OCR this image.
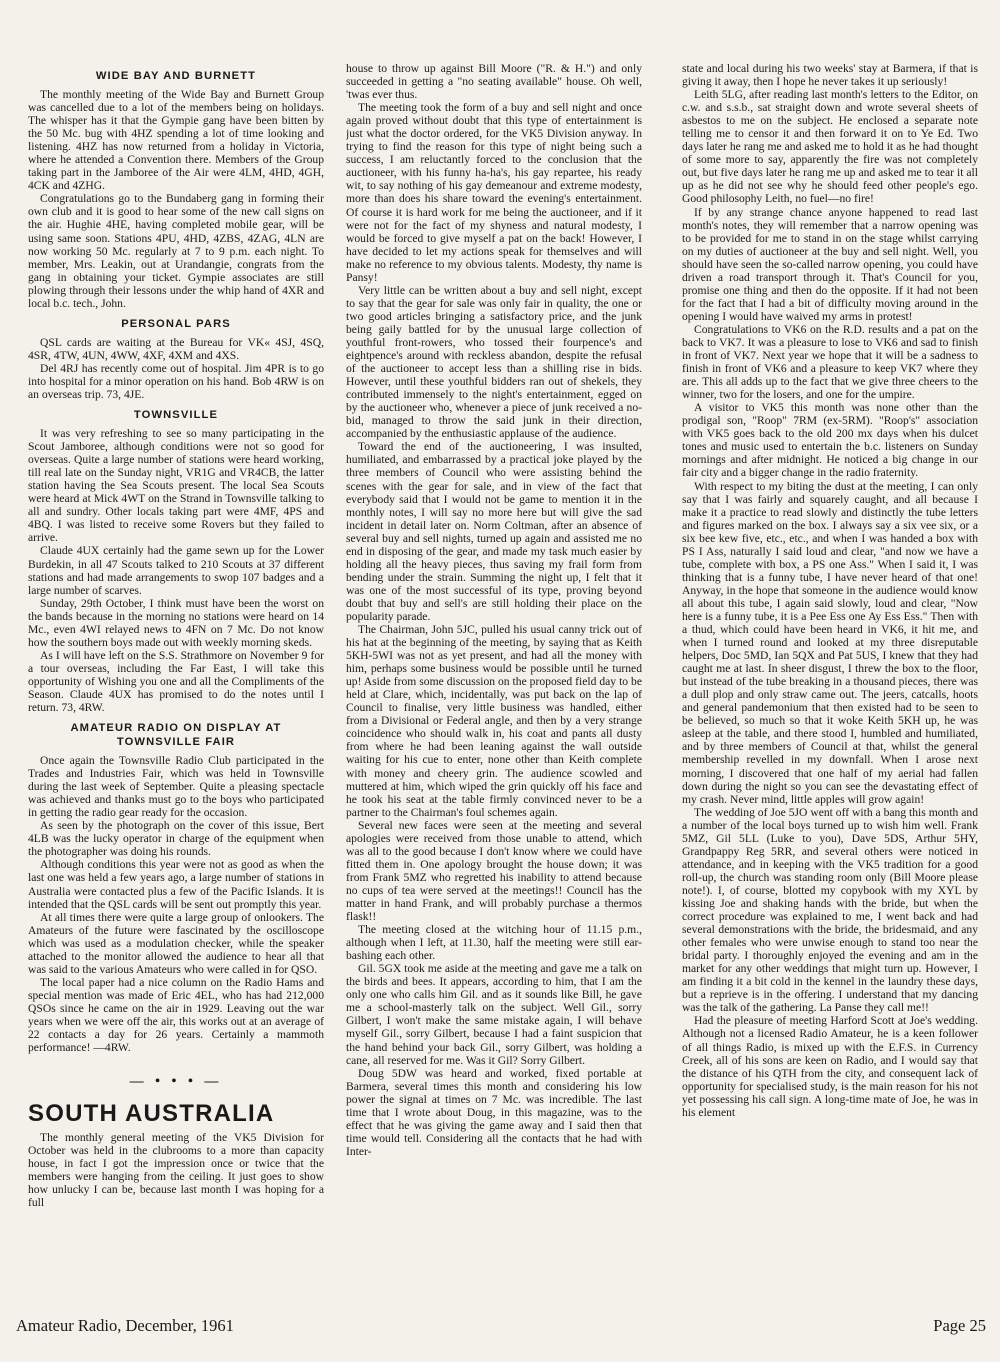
WIDE BAY AND BURNETT

The monthly meeting of the Wide Bay and Burnett Group was cancelled due to a lot of the members being on holidays. The whisper has it that the Gympie gang have been bitten by the 50 Mc. bug with 4HZ spending a lot of time looking and listening. 4HZ has now returned from a holiday in Victoria, where he attended a Convention there. Members of the Group taking part in the Jamboree of the Air were 4LM, 4HD, 4GH, 4CK and 4ZHG.

Congratulations go to the Bundaberg gang in forming their own club and it is good to hear some of the new call signs on the air. Hughie 4HE, having completed mobile gear, will be using same soon. Stations 4PU, 4HD, 4ZBS, 4ZAG, 4LN are now working 50 Mc. regularly at 7 to 9 p.m. each night. To member, Mrs. Leakin, out at Urandangie, congrats from the gang in obtaining your ticket. Gympie associates are still plowing through their lessons under the whip hand of 4XR and local b.c. tech., John.

PERSONAL PARS

QSL cards are waiting at the Bureau for VK« 4SJ, 4SQ, 4SR, 4TW, 4UN, 4WW, 4XF, 4XM and 4XS.

Del 4RJ has recently come out of hospital. Jim 4PR is to go into hospital for a minor operation on his hand. Bob 4RW is on an overseas trip. 73, 4JE.

TOWNSVILLE

It was very refreshing to see so many participating in the Scout Jamboree, although conditions were not so good for overseas. Quite a large number of stations were heard working, till real late on the Sunday night, VR1G and VR4CB, the latter station having the Sea Scouts present. The local Sea Scouts were heard at Mick 4WT on the Strand in Townsville talking to all and sundry. Other locals taking part were 4MF, 4PS and 4BQ. I was listed to receive some Rovers but they failed to arrive.

Claude 4UX certainly had the game sewn up for the Lower Burdekin, in all 47 Scouts talked to 210 Scouts at 37 different stations and had made arrangements to swop 107 badges and a large number of scarves.

Sunday, 29th October, I think must have been the worst on the bands because in the morning no stations were heard on 14 Mc., even 4WI relayed news to 4FN on 7 Mc. Do not know how the southern boys made out with weekly morning skeds.

As I will have left on the S.S. Strathmore on November 9 for a tour overseas, including the Far East, I will take this opportunity of Wishing you one and all the Compliments of the Season. Claude 4UX has promised to do the notes until I return. 73, 4RW.

AMATEUR RADIO ON DISPLAY AT TOWNSVILLE FAIR

Once again the Townsville Radio Club participated in the Trades and Industries Fair, which was held in Townsville during the last week of September. Quite a pleasing spectacle was achieved and thanks must go to the boys who participated in getting the radio gear ready for the occasion.

As seen by the photograph on the cover of this issue, Bert 4LB was the lucky operator in charge of the equipment when the photographer was doing his rounds.

Although conditions this year were not as good as when the last one was held a few years ago, a large number of stations in Australia were contacted plus a few of the Pacific Islands. It is intended that the QSL cards will be sent out promptly this year.

At all times there were quite a large group of onlookers. The Amateurs of the future were fascinated by the oscilloscope which was used as a modulation checker, while the speaker attached to the monitor allowed the audience to hear all that was said to the various Amateurs who were called in for QSO.

The local paper had a nice column on the Radio Hams and special mention was made of Eric 4EL, who has had 212,000 QSOs since he came on the air in 1929. Leaving out the war years when we were off the air, this works out at an average of 22 contacts a day for 26 years. Certainly a mammoth performance! —4RW.

— • • • —
SOUTH AUSTRALIA

The monthly general meeting of the VK5 Division for October was held in the clubrooms to a more than capacity house, in fact I got the impression once or twice that the members were hanging from the ceiling. It just goes to show how unlucky I can be, because last month I was hoping for a full

house to throw up against Bill Moore ("R. & H.") and only succeeded in getting a "no seating available" house. Oh well, 'twas ever thus.

The meeting took the form of a buy and sell night and once again proved without doubt that this type of entertainment is just what the doctor ordered, for the VK5 Division anyway. In trying to find the reason for this type of night being such a success, I am reluctantly forced to the conclusion that the auctioneer, with his funny ha-ha's, his gay repartee, his ready wit, to say nothing of his gay demeanour and extreme modesty, more than does his share toward the evening's entertainment. Of course it is hard work for me being the auctioneer, and if it were not for the fact of my shyness and natural modesty, I would be forced to give myself a pat on the back! However, I have decided to let my actions speak for themselves and will make no reference to my obvious talents. Modesty, thy name is Pansy!

Very little can be written about a buy and sell night, except to say that the gear for sale was only fair in quality, the one or two good articles bringing a satisfactory price, and the junk being gaily battled for by the unusual large collection of youthful front-rowers, who tossed their fourpence's and eightpence's around with reckless abandon, despite the refusal of the auctioneer to accept less than a shilling rise in bids. However, until these youthful bidders ran out of shekels, they contributed immensely to the night's entertainment, egged on by the auctioneer who, whenever a piece of junk received a no-bid, managed to throw the said junk in their direction, accompanied by the enthusiastic applause of the audience.

Toward the end of the auctioneering, I was insulted, humiliated, and embarrassed by a practical joke played by the three members of Council who were assisting behind the scenes with the gear for sale, and in view of the fact that everybody said that I would not be game to mention it in the monthly notes, I will say no more here but will give the sad incident in detail later on. Norm Coltman, after an absence of several buy and sell nights, turned up again and assisted me no end in disposing of the gear, and made my task much easier by holding all the heavy pieces, thus saving my frail form from bending under the strain. Summing the night up, I felt that it was one of the most successful of its type, proving beyond doubt that buy and sell's are still holding their place on the popularity parade.

The Chairman, John 5JC, pulled his usual canny trick out of his hat at the beginning of the meeting, by saying that as Keith 5KH-5WI was not as yet present, and had all the money with him, perhaps some business would be possible until he turned up! Aside from some discussion on the proposed field day to be held at Clare, which, incidentally, was put back on the lap of Council to finalise, very little business was handled, either from a Divisional or Federal angle, and then by a very strange coincidence who should walk in, his coat and pants all dusty from where he had been leaning against the wall outside waiting for his cue to enter, none other than Keith complete with money and cheery grin. The audience scowled and muttered at him, which wiped the grin quickly off his face and he took his seat at the table firmly convinced never to be a partner to the Chairman's foul schemes again.

Several new faces were seen at the meeting and several apologies were received from those unable to attend, which was all to the good because I don't know where we could have fitted them in. One apology brought the house down; it was from Frank 5MZ who regretted his inability to attend because no cups of tea were served at the meetings!! Council has the matter in hand Frank, and will probably purchase a thermos flask!!

The meeting closed at the witching hour of 11.15 p.m., although when I left, at 11.30, half the meeting were still ear-bashing each other.

Gil. 5GX took me aside at the meeting and gave me a talk on the birds and bees. It appears, according to him, that I am the only one who calls him Gil. and as it sounds like Bill, he gave me a school-masterly talk on the subject. Well Gil., sorry Gilbert, I won't make the same mistake again, I will behave myself Gil., sorry Gilbert, because I had a faint suspicion that the hand behind your back Gil., sorry Gilbert, was holding a cane, all reserved for me. Was it Gil? Sorry Gilbert.

Doug 5DW was heard and worked, fixed portable at Barmera, several times this month and considering his low power the signal at times on 7 Mc. was incredible. The last time that I wrote about Doug, in this magazine, was to the effect that he was giving the game away and I said then that time would tell. Considering all the contacts that he had with Inter-

state and local during his two weeks' stay at Barmera, if that is giving it away, then I hope he never takes it up seriously!

Leith 5LG, after reading last month's letters to the Editor, on c.w. and s.s.b., sat straight down and wrote several sheets of asbestos to me on the subject. He enclosed a separate note telling me to censor it and then forward it on to Ye Ed. Two days later he rang me and asked me to hold it as he had thought of some more to say, apparently the fire was not completely out, but five days later he rang me up and asked me to tear it all up as he did not see why he should feed other people's ego. Good philosophy Leith, no fuel—no fire!

If by any strange chance anyone happened to read last month's notes, they will remember that a narrow opening was to be provided for me to stand in on the stage whilst carrying on my duties of auctioneer at the buy and sell night. Well, you should have seen the so-called narrow opening, you could have driven a road transport through it. That's Council for you, promise one thing and then do the opposite. If it had not been for the fact that I had a bit of difficulty moving around in the opening I would have waived my arms in protest!

Congratulations to VK6 on the R.D. results and a pat on the back to VK7. It was a pleasure to lose to VK6 and sad to finish in front of VK7. Next year we hope that it will be a sadness to finish in front of VK6 and a pleasure to keep VK7 where they are. This all adds up to the fact that we give three cheers to the winner, two for the losers, and one for the umpire.

A visitor to VK5 this month was none other than the prodigal son, "Roop" 7RM (ex-5RM). "Roop's" association with VK5 goes back to the old 200 mx days when his dulcet tones and music used to entertain the b.c. listeners on Sunday mornings and after midnight. He noticed a big change in our fair city and a bigger change in the radio fraternity.

With respect to my biting the dust at the meeting, I can only say that I was fairly and squarely caught, and all because I make it a practice to read slowly and distinctly the tube letters and figures marked on the box. I always say a six vee six, or a six bee kew five, etc., etc., and when I was handed a box with PS I Ass, naturally I said loud and clear, "and now we have a tube, complete with box, a PS one Ass." When I said it, I was thinking that is a funny tube, I have never heard of that one! Anyway, in the hope that someone in the audience would know all about this tube, I again said slowly, loud and clear, "Now here is a funny tube, it is a Pee Ess one Ay Ess Ess." Then with a thud, which could have been heard in VK6, it hit me, and when I turned round and looked at my three disreputable helpers, Doc 5MD, Ian 5QX and Pat 5US, I knew that they had caught me at last. In sheer disgust, I threw the box to the floor, but instead of the tube breaking in a thousand pieces, there was a dull plop and only straw came out. The jeers, catcalls, hoots and general pandemonium that then existed had to be seen to be believed, so much so that it woke Keith 5KH up, he was asleep at the table, and there stood I, humbled and humiliated, and by three members of Council at that, whilst the general membership revelled in my downfall. When I arose next morning, I discovered that one half of my aerial had fallen down during the night so you can see the devastating effect of my crash. Never mind, little apples will grow again!

The wedding of Joe 5JO went off with a bang this month and a number of the local boys turned up to wish him well. Frank 5MZ, Gil 5LL (Luke to you), Dave 5DS, Arthur 5HY, Grandpappy Reg 5RR, and several others were noticed in attendance, and in keeping with the VK5 tradition for a good roll-up, the church was standing room only (Bill Moore please note!). I, of course, blotted my copybook with my XYL by kissing Joe and shaking hands with the bride, but when the correct procedure was explained to me, I went back and had several demonstrations with the bride, the bridesmaid, and any other females who were unwise enough to stand too near the bridal party. I thoroughly enjoyed the evening and am in the market for any other weddings that might turn up. However, I am finding it a bit cold in the kennel in the laundry these days, but a reprieve is in the offering. I understand that my dancing was the talk of the gathering. La Panse they call me!!

Had the pleasure of meeting Harford Scott at Joe's wedding. Although not a licensed Radio Amateur, he is a keen follower of all things Radio, is mixed up with the E.F.S. in Currency Creek, all of his sons are keen on Radio, and I would say that the distance of his QTH from the city, and consequent lack of opportunity for specialised study, is the main reason for his not yet possessing his call sign. A long-time mate of Joe, he was in his element

Amateur Radio, December, 1961	Page 25
